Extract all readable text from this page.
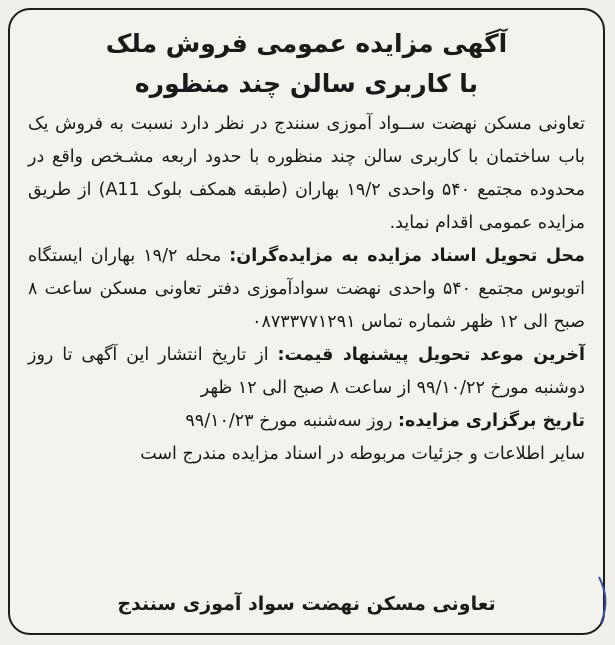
آگهی مزایده عمومی فروش ملک
با کاربری سالن چند منظوره
تعاونی مسکن نهضت ســواد آموزی سنندج در نظر دارد نسبت به فروش یک باب ساختمان با کاربری سالن چند منظوره با حدود اربعه مشـخص واقع در محدوده مجتمع ۵۴۰ واحدی ۱۹/۲ بهاران (طبقه همکف بلوک A11) از طریق مزایده عمومی اقدام نماید.
محل تحویل اسناد مزایده به مزایده‌گران: محله ۱۹/۲ بهاران ایستگاه اتوبوس مجتمع ۵۴۰ واحدی نهضت سوادآموزی دفتر تعاونی مسکن ساعت ۸ صبح الی ۱۲ ظهر شماره تماس ۰۸۷۳۳۷۷۱۲۹۱
آخرین موعد تحویل پیشنهاد قیمت: از تاریخ انتشار این آگهی تا روز دوشنبه مورخ ۹۹/۱۰/۲۲ از ساعت ۸ صبح الی ۱۲ ظهر
تاریخ برگزاری مزایده: روز سه‌شنبه مورخ ۹۹/۱۰/۲۳
سایر اطلاعات و جزئیات مربوطه در اسناد مزایده مندرج است
تعاونی مسکن نهضت سواد آموزی سنندج
